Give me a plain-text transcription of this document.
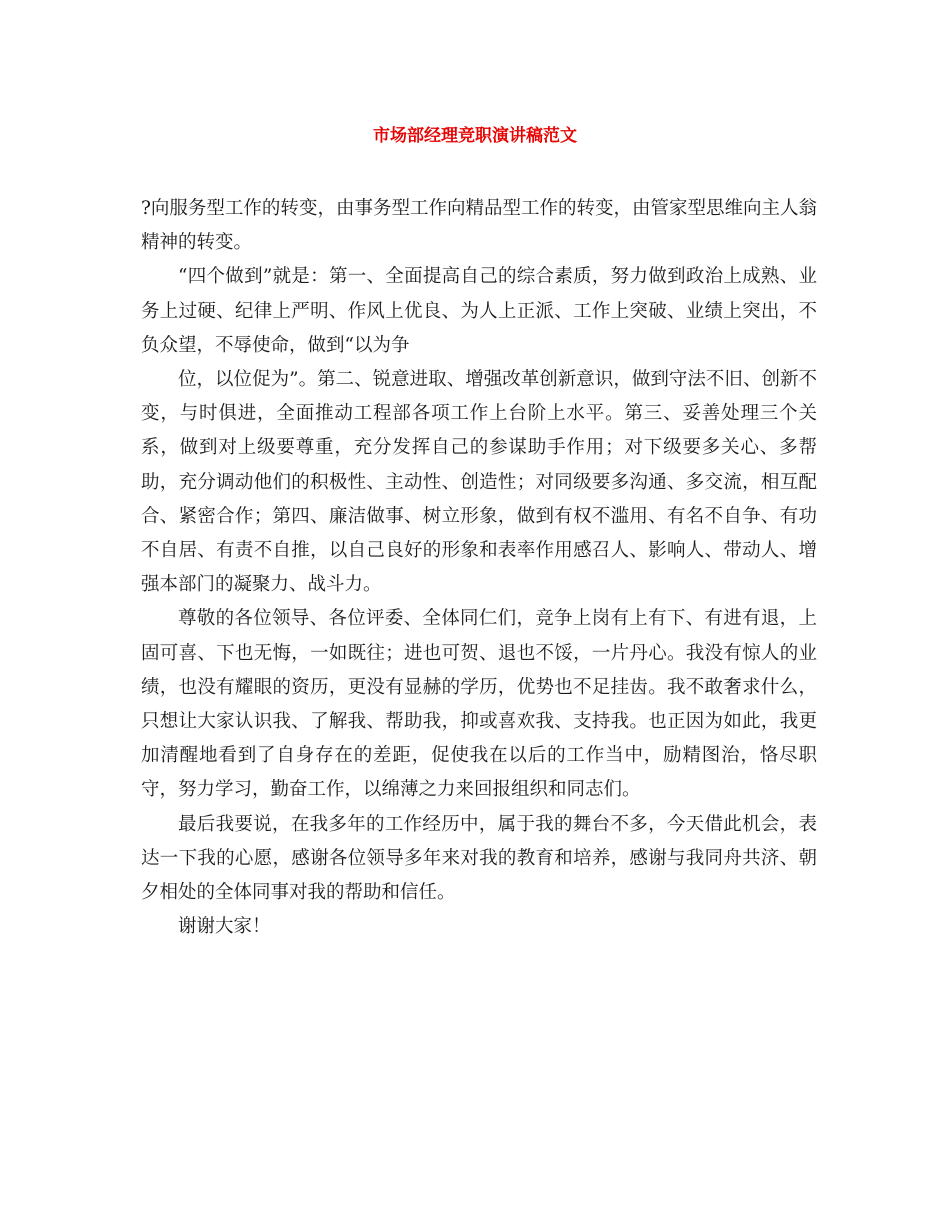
市场部经理竞职演讲稿范文

?向服务型工作的转变，由事务型工作向精品型工作的转变，由管家型思维向主人翁精神的转变。

“四个做到”就是：第一、全面提高自己的综合素质，努力做到政治上成熟、业务上过硬、纪律上严明、作风上优良、为人上正派、工作上突破、业绩上突出，不负众望，不辱使命，做到“以为争

位，以位促为”。第二、锐意进取、增强改革创新意识，做到守法不旧、创新不变，与时俱进，全面推动工程部各项工作上台阶上水平。第三、妥善处理三个关系，做到对上级要尊重，充分发挥自己的参谋助手作用；对下级要多关心、多帮助，充分调动他们的积极性、主动性、创造性；对同级要多沟通、多交流，相互配合、紧密合作；第四、廉洁做事、树立形象，做到有权不滥用、有名不自争、有功不自居、有责不自推，以自己良好的形象和表率作用感召人、影响人、带动人、增强本部门的凝聚力、战斗力。

尊敬的各位领导、各位评委、全体同仁们，竞争上岗有上有下、有进有退，上固可喜、下也无悔，一如既往；进也可贺、退也不馁，一片丹心。我没有惊人的业绩，也没有耀眼的资历，更没有显赫的学历，优势也不足挂齿。我不敢奢求什么，只想让大家认识我、了解我、帮助我，抑或喜欢我、支持我。也正因为如此，我更加清醒地看到了自身存在的差距，促使我在以后的工作当中，励精图治，恪尽职守，努力学习，勤奋工作，以绵薄之力来回报组织和同志们。

最后我要说，在我多年的工作经历中，属于我的舞台不多，今天借此机会，表达一下我的心愿，感谢各位领导多年来对我的教育和培养，感谢与我同舟共济、朝夕相处的全体同事对我的帮助和信任。

谢谢大家！
